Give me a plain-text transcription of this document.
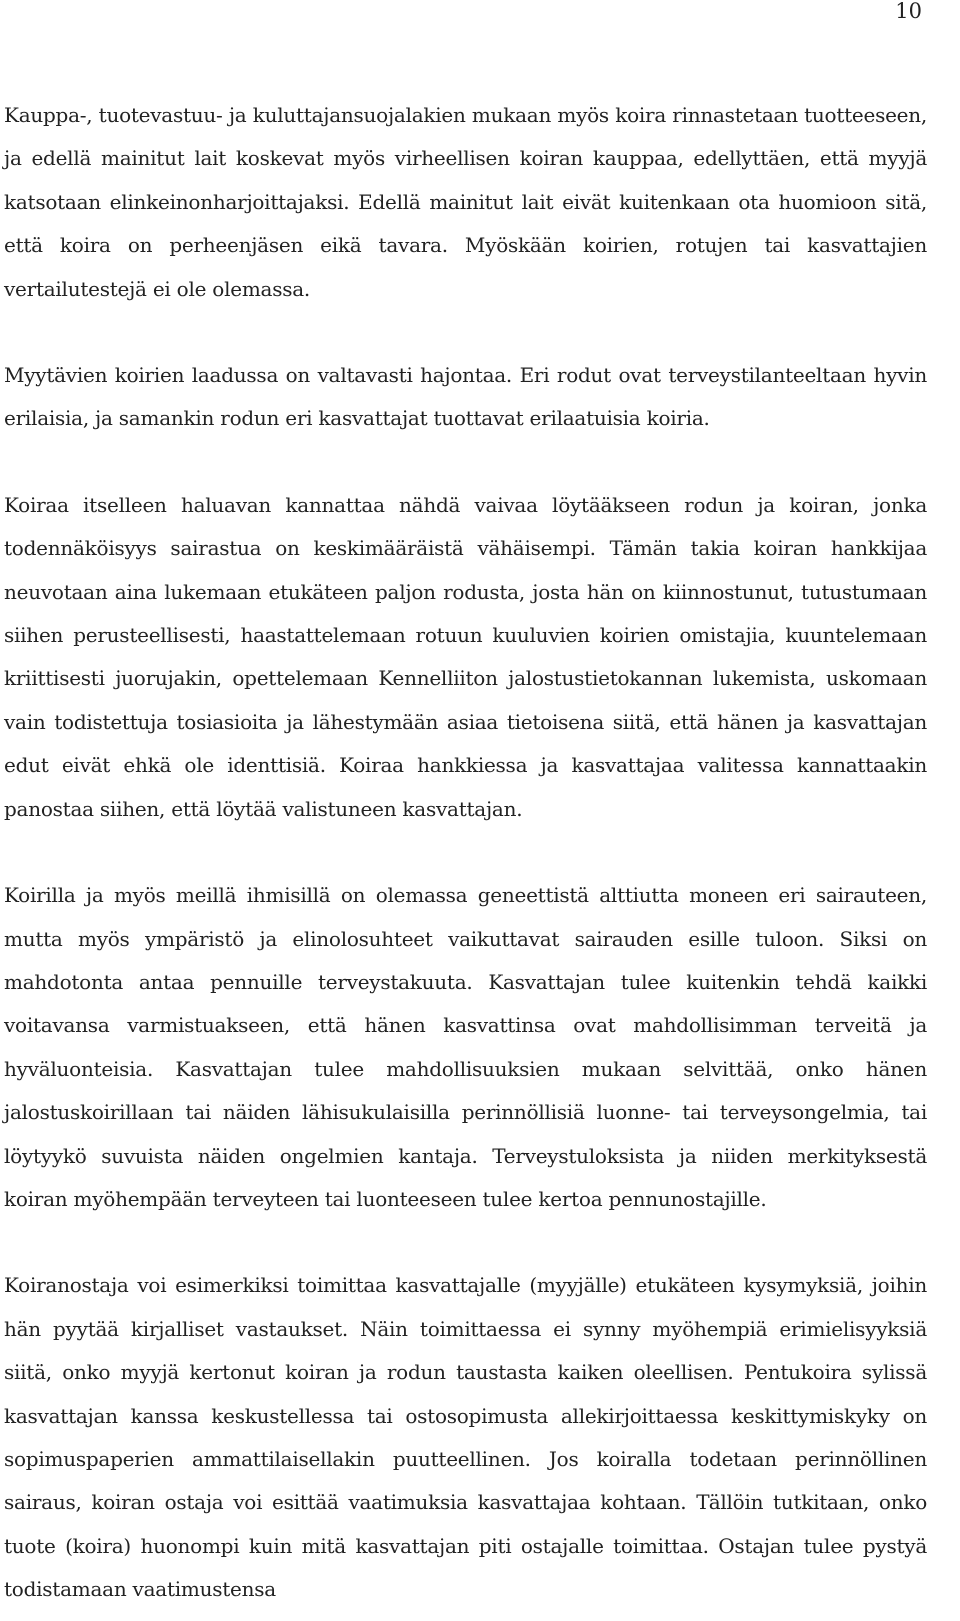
10

Kauppa-, tuotevastuu- ja kuluttajansuojalakien mukaan myös koira rinnastetaan tuotteeseen, ja edellä mainitut lait koskevat myös virheellisen koiran kauppaa, edellyttäen, että myyjä katsotaan elinkeinonharjoittajaksi. Edellä mainitut lait eivät kuitenkaan ota huomioon sitä, että koira on perheenjäsen eikä tavara. Myöskään koirien, rotujen tai kasvattajien vertailutestejä ei ole olemassa.

Myytävien koirien laadussa on valtavasti hajontaa. Eri rodut ovat terveystilanteeltaan hyvin erilaisia, ja samankin rodun eri kasvattajat tuottavat erilaatuisia koiria.

Koiraa itselleen haluavan kannattaa nähdä vaivaa löytääkseen rodun ja koiran, jonka todennäköisyys sairastua on keskimääräistä vähäisempi. Tämän takia koiran hankkijaa neuvotaan aina lukemaan etukäteen paljon rodusta, josta hän on kiinnostunut, tutustumaan siihen perusteellisesti, haastattelemaan rotuun kuuluvien koirien omistajia, kuuntelemaan kriittisesti juorujakin, opettelemaan Kennelliiton jalostustietokannan lukemista, uskomaan vain todistettuja tosiasioita ja lähestymään asiaa tietoisena siitä, että hänen ja kasvattajan edut eivät ehkä ole identtisiä. Koiraa hankkiessa ja kasvattajaa valitessa kannattaakin panostaa siihen, että löytää valistuneen kasvattajan.

Koirilla ja myös meillä ihmisillä on olemassa geneettistä alttiutta moneen eri sairauteen, mutta myös ympäristö ja elinolosuhteet vaikuttavat sairauden esille tuloon. Siksi on mahdotonta antaa pennuille terveystakuuta. Kasvattajan tulee kuitenkin tehdä kaikki voitavansa varmistuakseen, että hänen kasvattinsa ovat mahdollisimman terveitä ja hyväluonteisia. Kasvattajan tulee mahdollisuuksien mukaan selvittää, onko hänen jalostuskoirillaan tai näiden lähisukulaisilla perinnöllisiä luonne- tai terveysongelmia, tai löytyykö suvuista näiden ongelmien kantaja. Terveystuloksista ja niiden merkityksestä koiran myöhempään terveyteen tai luonteeseen tulee kertoa pennunostajille.

Koiranostaja voi esimerkiksi toimittaa kasvattajalle (myyjälle) etukäteen kysymyksiä, joihin hän pyytää kirjalliset vastaukset. Näin toimittaessa ei synny myöhempiä erimielisyyksiä siitä, onko myyjä kertonut koiran ja rodun taustasta kaiken oleellisen. Pentukoira sylissä kasvattajan kanssa keskustellessa tai ostosopimusta allekirjoittaessa keskittymiskyky on sopimuspaperien ammattilaisellakin puutteellinen. Jos koiralla todetaan perinnöllinen sairaus, koiran ostaja voi esittää vaatimuksia kasvattajaa kohtaan. Tällöin tutkitaan, onko tuote (koira) huonompi kuin mitä kasvattajan piti ostajalle toimittaa. Ostajan tulee pystyä todistamaan vaatimustensa
